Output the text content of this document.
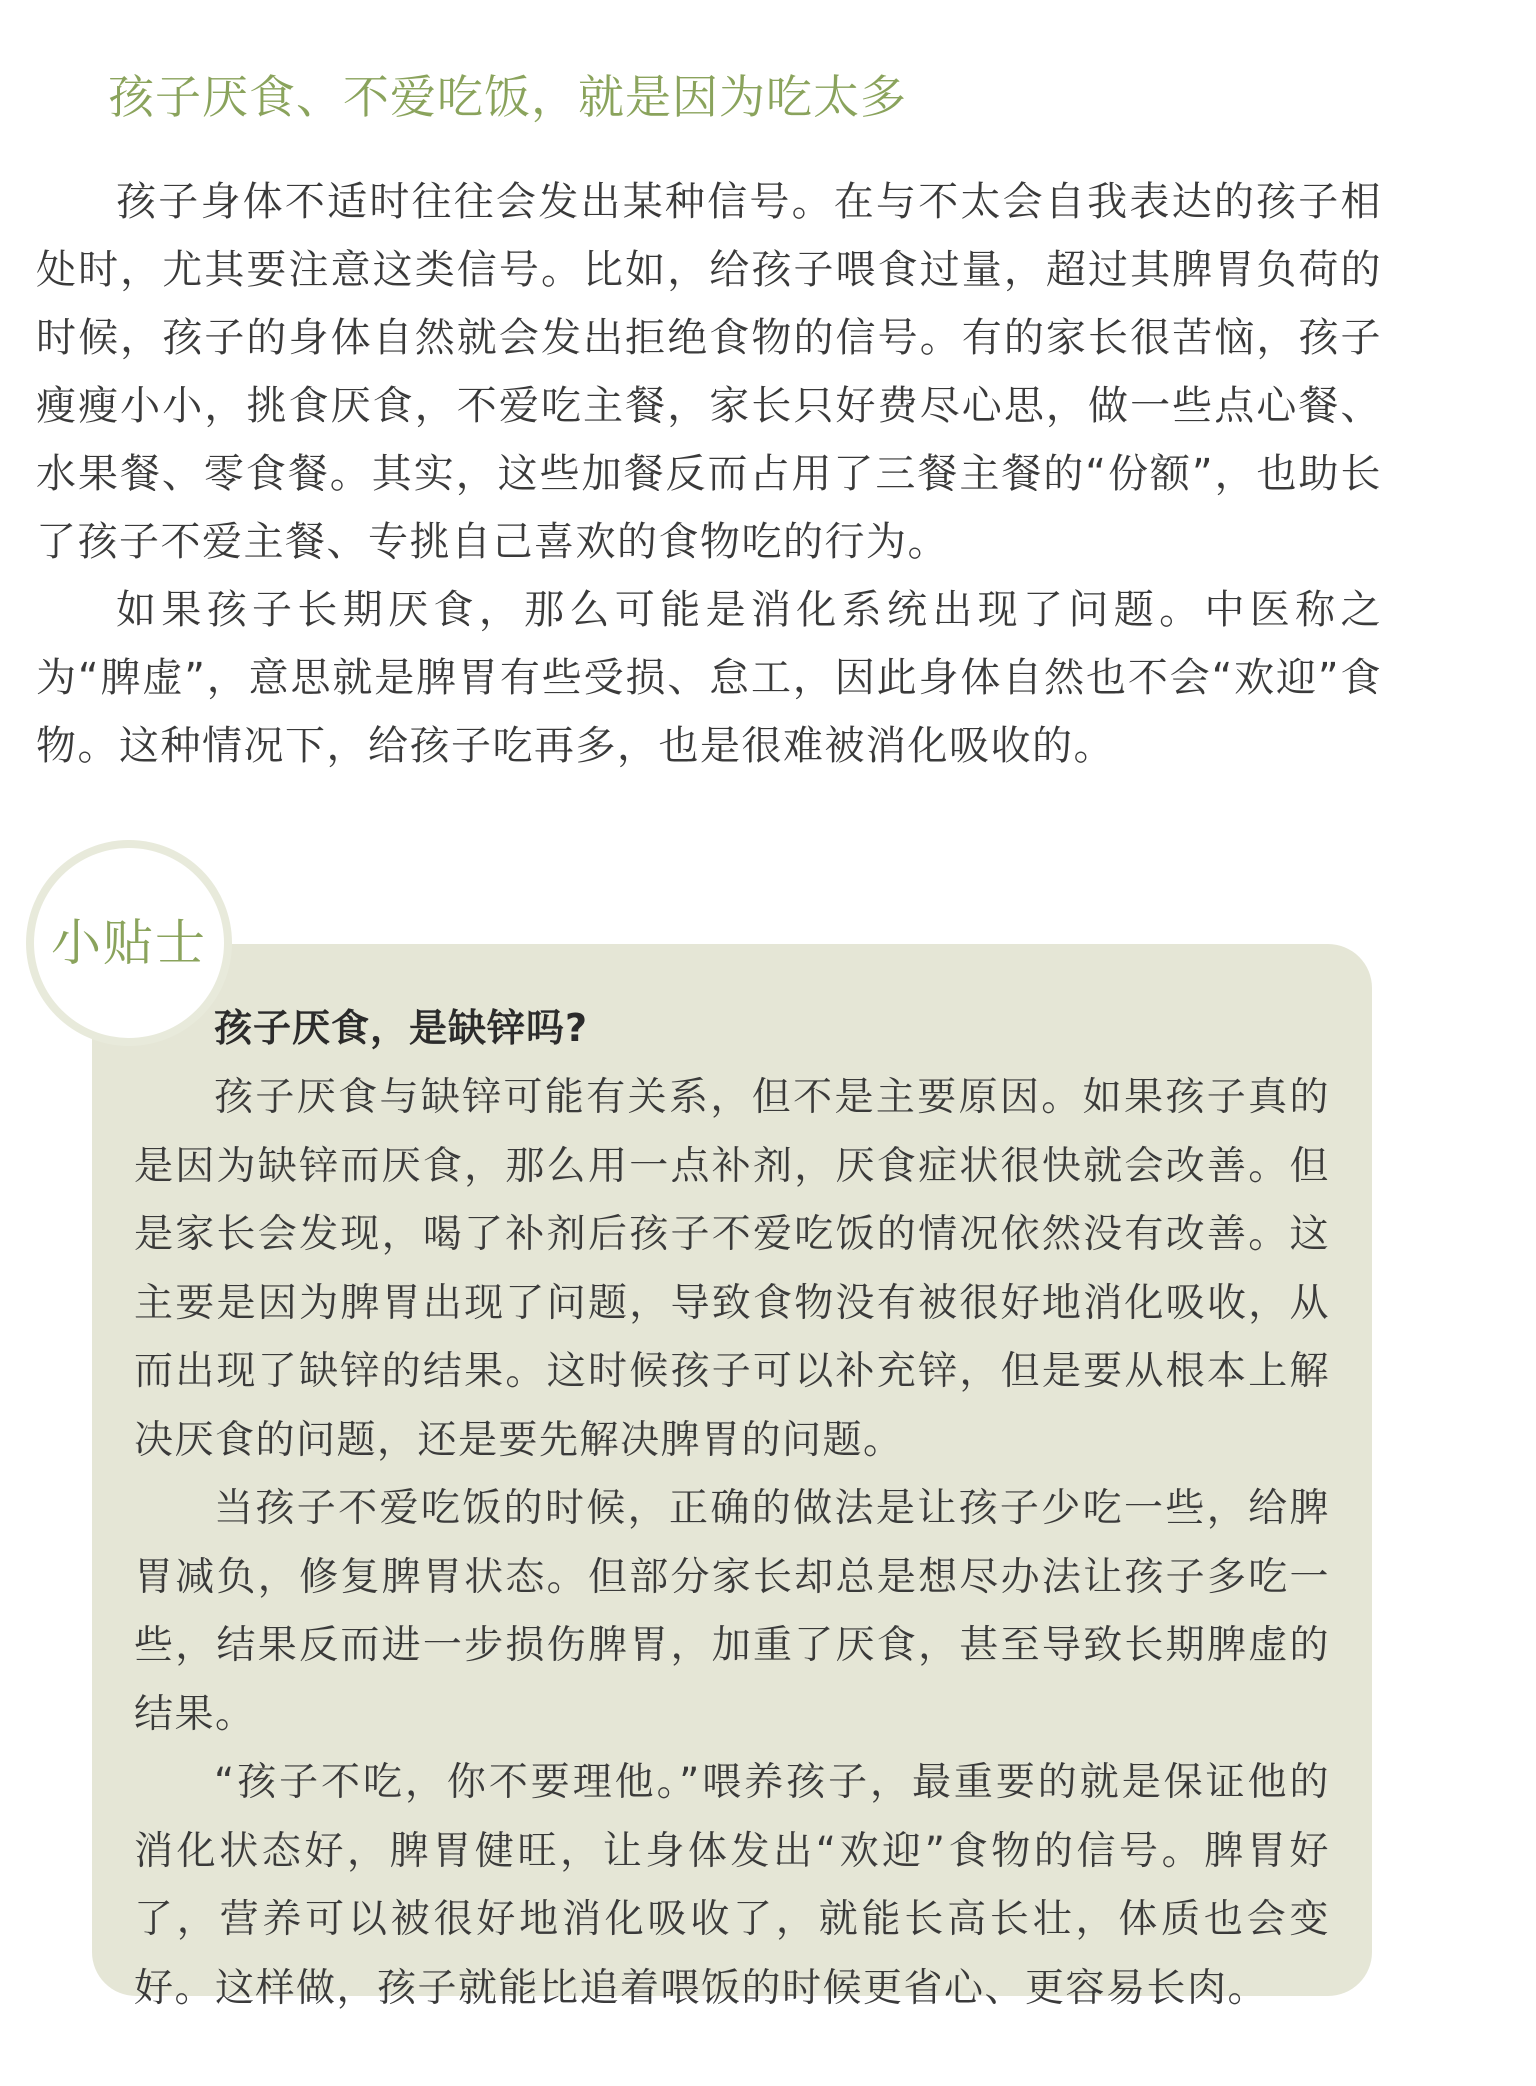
孩子厌食、不爱吃饭，就是因为吃太多

孩子身体不适时往往会发出某种信号。在与不太会自我表达的孩子相处时，尤其要注意这类信号。比如，给孩子喂食过量，超过其脾胃负荷的时候，孩子的身体自然就会发出拒绝食物的信号。有的家长很苦恼，孩子瘦瘦小小，挑食厌食，不爱吃主餐，家长只好费尽心思，做一些点心餐、水果餐、零食餐。其实，这些加餐反而占用了三餐主餐的“份额”，也助长了孩子不爱主餐、专挑自己喜欢的食物吃的行为。

如果孩子长期厌食，那么可能是消化系统出现了问题。中医称之为“脾虚”，意思就是脾胃有些受损、怠工，因此身体自然也不会“欢迎”食物。这种情况下，给孩子吃再多，也是很难被消化吸收的。

小贴士

孩子厌食，是缺锌吗?

孩子厌食与缺锌可能有关系，但不是主要原因。如果孩子真的是因为缺锌而厌食，那么用一点补剂，厌食症状很快就会改善。但是家长会发现，喝了补剂后孩子不爱吃饭的情况依然没有改善。这主要是因为脾胃出现了问题，导致食物没有被很好地消化吸收，从而出现了缺锌的结果。这时候孩子可以补充锌，但是要从根本上解决厌食的问题，还是要先解决脾胃的问题。

当孩子不爱吃饭的时候，正确的做法是让孩子少吃一些，给脾胃减负，修复脾胃状态。但部分家长却总是想尽办法让孩子多吃一些，结果反而进一步损伤脾胃，加重了厌食，甚至导致长期脾虚的结果。

“孩子不吃，你不要理他。”喂养孩子，最重要的就是保证他的消化状态好，脾胃健旺，让身体发出“欢迎”食物的信号。脾胃好了，营养可以被很好地消化吸收了，就能长高长壮，体质也会变好。这样做，孩子就能比追着喂饭的时候更省心、更容易长肉。
